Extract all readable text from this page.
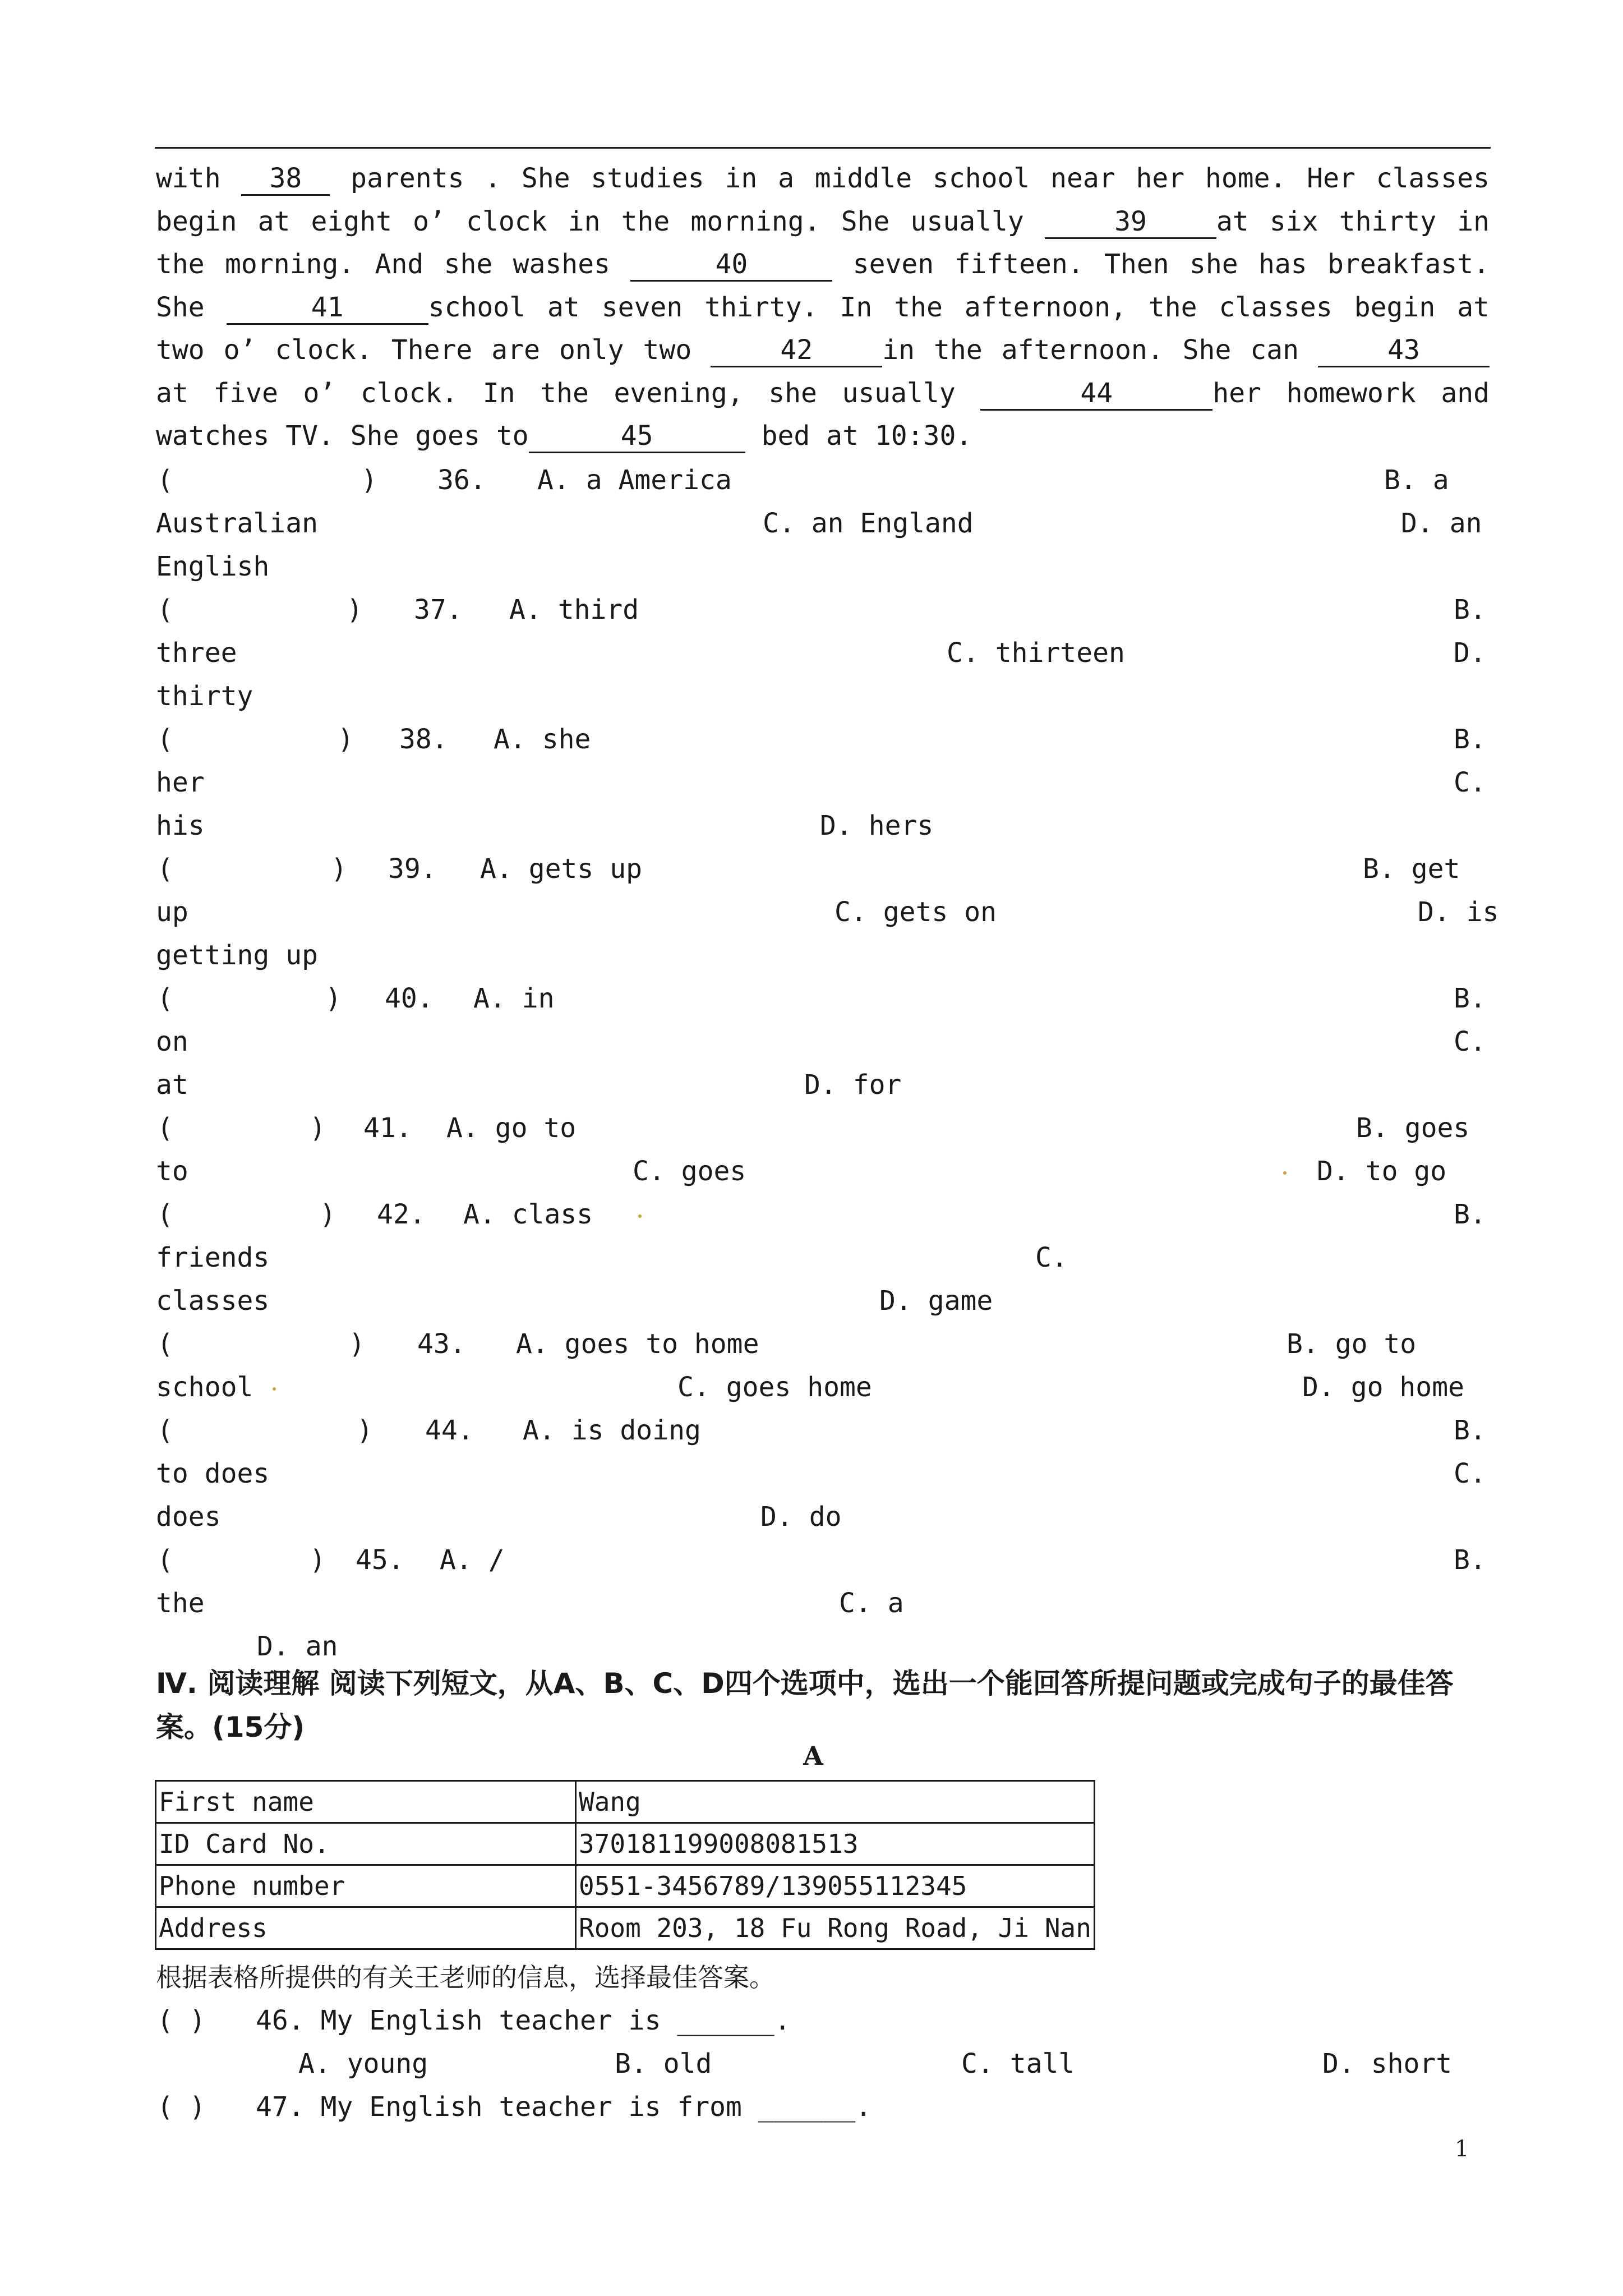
with 38 parents . She studies in a middle school near her home. Her classes begin at eight o’ clock in the morning. She usually	39	at six thirty in the morning. And she washes	40	seven fifteen. Then she has breakfast. She	41	school at seven thirty. In the afternoon, the classes begin at two o’ clock. There are only two	42	in the afternoon. She can	43 at five o’ clock. In the evening, she usually	44	her homework and watches TV. She goes to	45	bed at 10:30.

(	) 36. A. a America	B. a
Australian	C. an England	D. an
English
(	) 37. A. third	B.
three	C. thirteen	D.
thirty
(	) 38. A. she	B.
her	C.
his	D. hers
(	) 39. A. gets up	B. get
up	C. gets on	D. is
getting up
(	) 40. A. in	B.
on	C.
at	D. for
(	) 41. A. go to	B. goes
to	C. goes	D. to go
(	) 42. A. class	B.
friends	C.
classes	D. game
(	) 43. A. goes to home	B. go to
school	C. goes home	D. go home
(	) 44. A. is doing	B.
to does	C.
does	D. do
(	) 45. A. /	B.
the	C. a
D. an
Ⅳ. 阅读理解 阅读下列短文，从A、B、C、D四个选项中，选出一个能回答所提问题或完成句子的最佳答案。(15分)
A
First name	Wang
ID Card No.	370181199008081513
Phone number	0551-3456789/139055112345
Address	Room 203, 18 Fu Rong Road, Ji Nan
根据表格所提供的有关王老师的信息，选择最佳答案。
( ) 46. My English teacher is ______.
A. young	B. old	C. tall	D. short
( ) 47. My English teacher is from ______.
1
